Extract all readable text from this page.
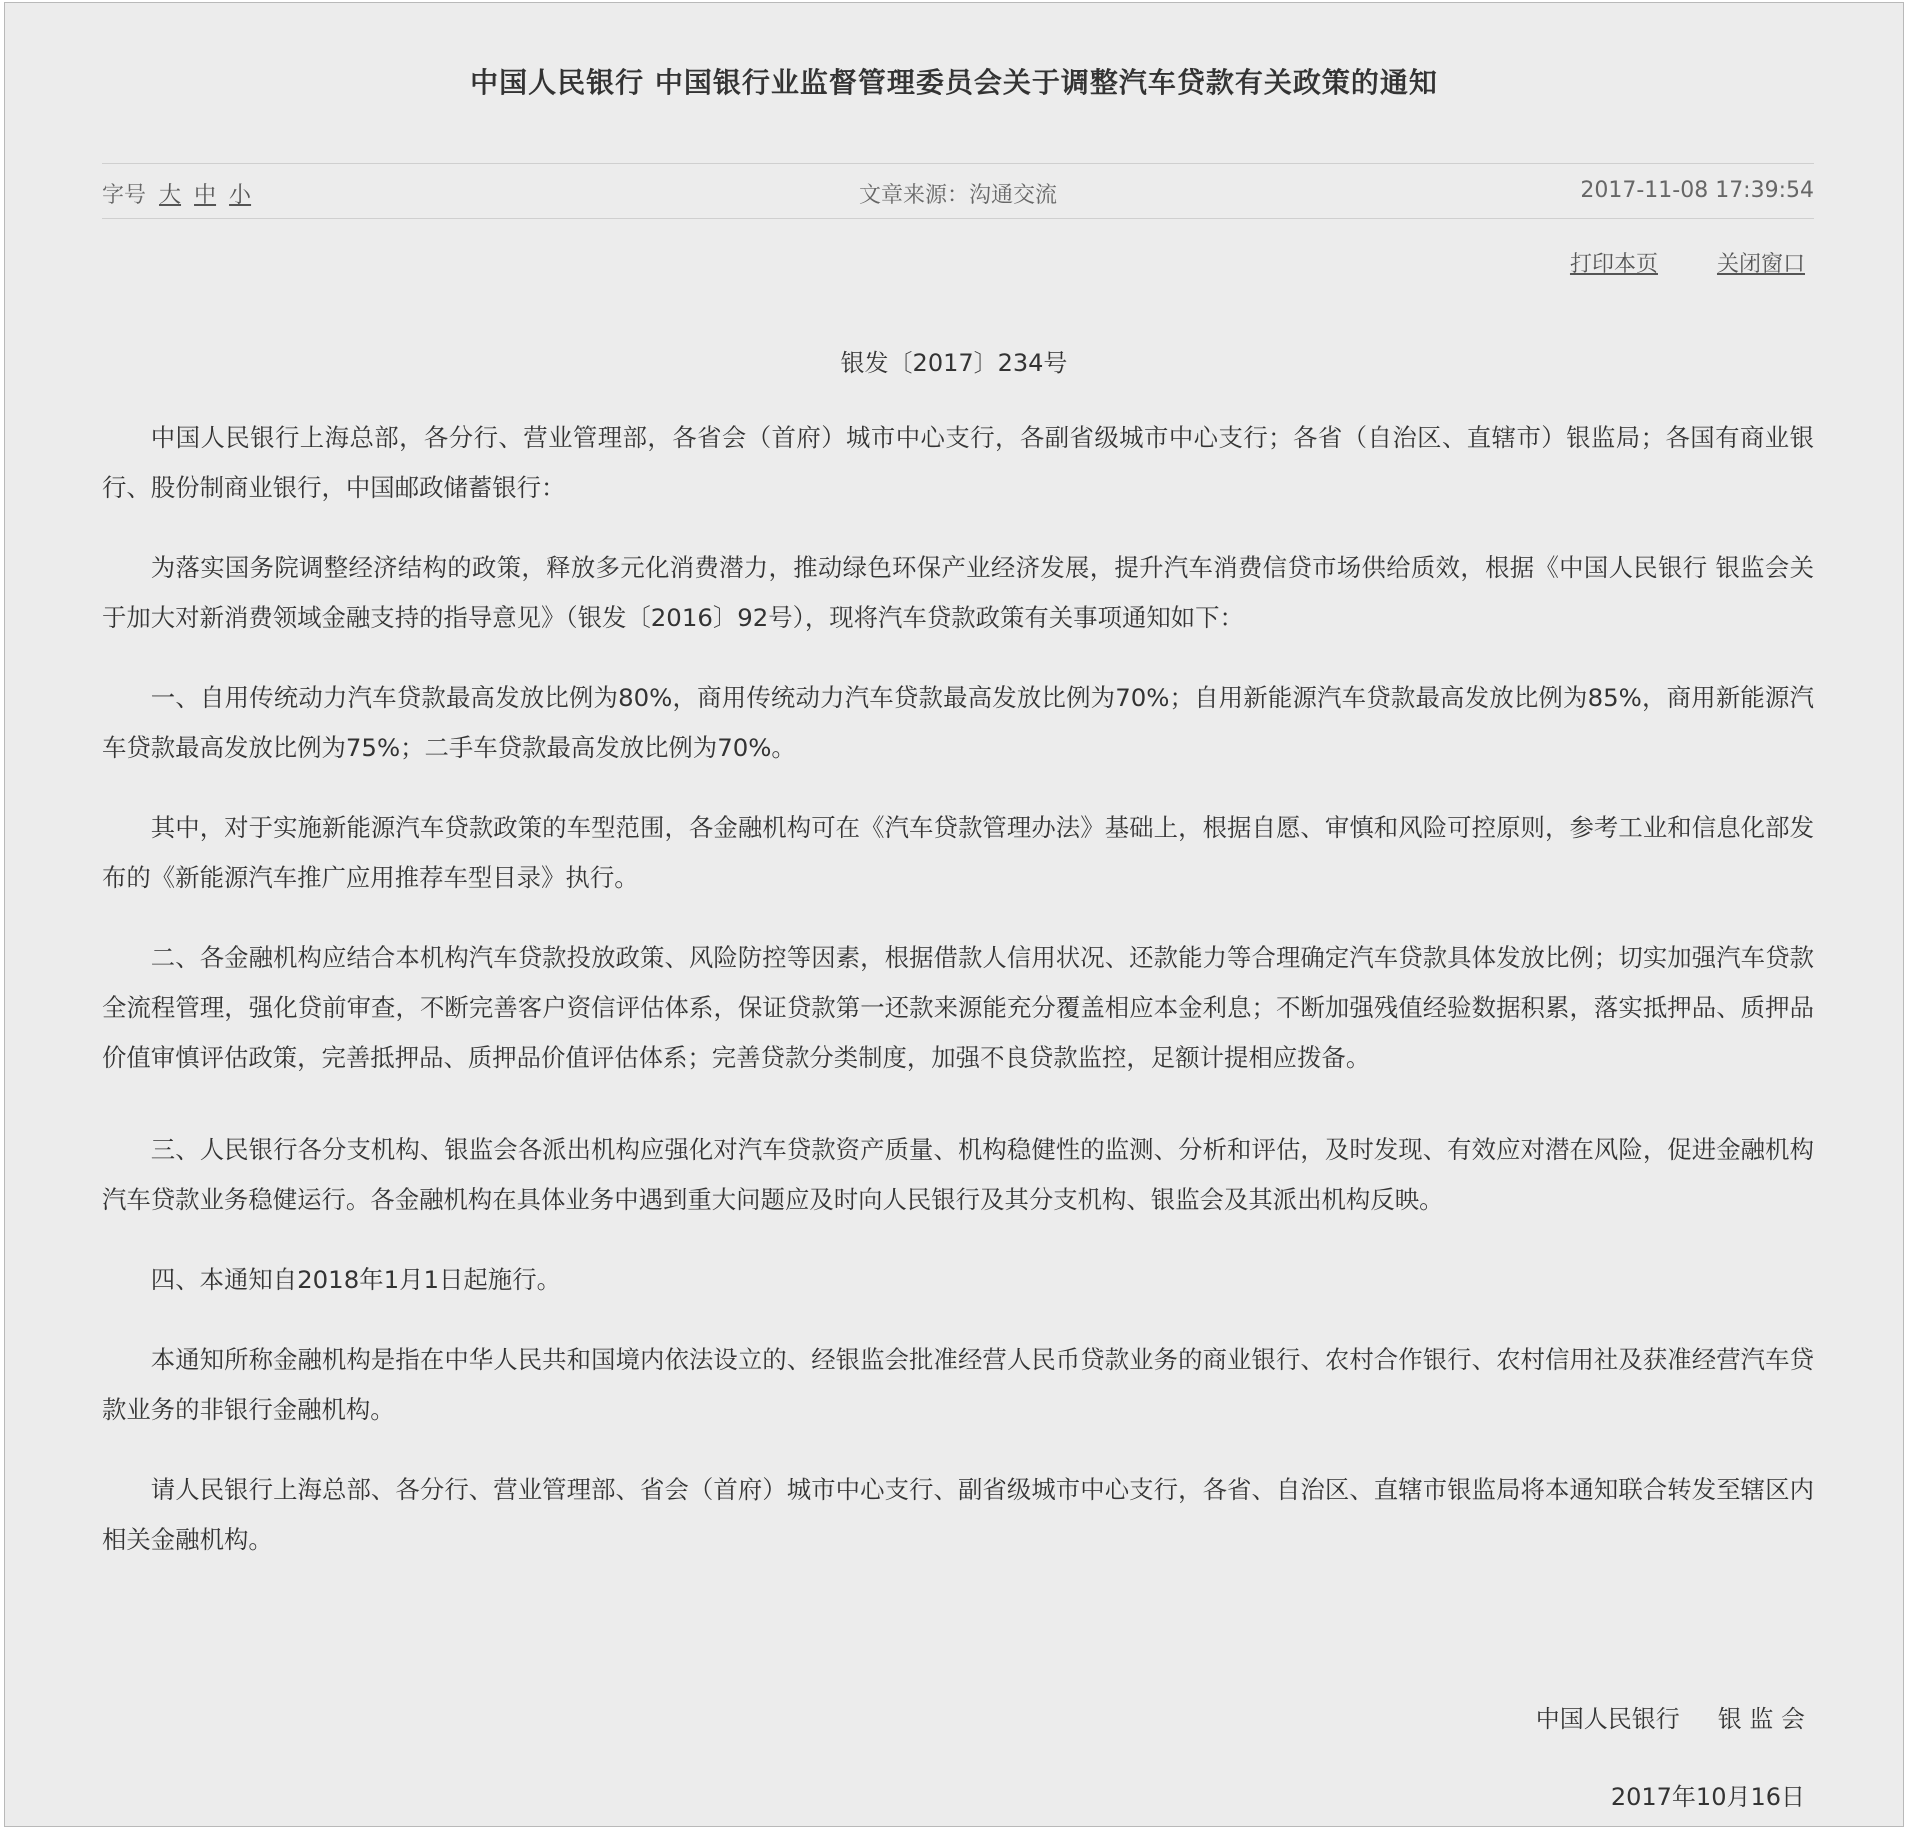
中国人民银行 中国银行业监督管理委员会关于调整汽车贷款有关政策的通知
字号 大 中 小	文章来源：沟通交流	2017-11-08 17:39:54
打印本页	关闭窗口
银发〔2017〕234号

中国人民银行上海总部，各分行、营业管理部，各省会（首府）城市中心支行，各副省级城市中心支行；各省（自治区、直辖市）银监局；各国有商业银行、股份制商业银行，中国邮政储蓄银行：

为落实国务院调整经济结构的政策，释放多元化消费潜力，推动绿色环保产业经济发展，提升汽车消费信贷市场供给质效，根据《中国人民银行 银监会关于加大对新消费领域金融支持的指导意见》（银发〔2016〕92号），现将汽车贷款政策有关事项通知如下：

一、自用传统动力汽车贷款最高发放比例为80%，商用传统动力汽车贷款最高发放比例为70%；自用新能源汽车贷款最高发放比例为85%，商用新能源汽车贷款最高发放比例为75%；二手车贷款最高发放比例为70%。

其中，对于实施新能源汽车贷款政策的车型范围，各金融机构可在《汽车贷款管理办法》基础上，根据自愿、审慎和风险可控原则，参考工业和信息化部发布的《新能源汽车推广应用推荐车型目录》执行。

二、各金融机构应结合本机构汽车贷款投放政策、风险防控等因素，根据借款人信用状况、还款能力等合理确定汽车贷款具体发放比例；切实加强汽车贷款全流程管理，强化贷前审查，不断完善客户资信评估体系，保证贷款第一还款来源能充分覆盖相应本金利息；不断加强残值经验数据积累，落实抵押品、质押品价值审慎评估政策，完善抵押品、质押品价值评估体系；完善贷款分类制度，加强不良贷款监控，足额计提相应拨备。

三、人民银行各分支机构、银监会各派出机构应强化对汽车贷款资产质量、机构稳健性的监测、分析和评估，及时发现、有效应对潜在风险，促进金融机构汽车贷款业务稳健运行。各金融机构在具体业务中遇到重大问题应及时向人民银行及其分支机构、银监会及其派出机构反映。

四、本通知自2018年1月1日起施行。

本通知所称金融机构是指在中华人民共和国境内依法设立的、经银监会批准经营人民币贷款业务的商业银行、农村合作银行、农村信用社及获准经营汽车贷款业务的非银行金融机构。

请人民银行上海总部、各分行、营业管理部、省会（首府）城市中心支行、副省级城市中心支行，各省、自治区、直辖市银监局将本通知联合转发至辖区内相关金融机构。

中国人民银行 银 监 会
2017年10月16日
